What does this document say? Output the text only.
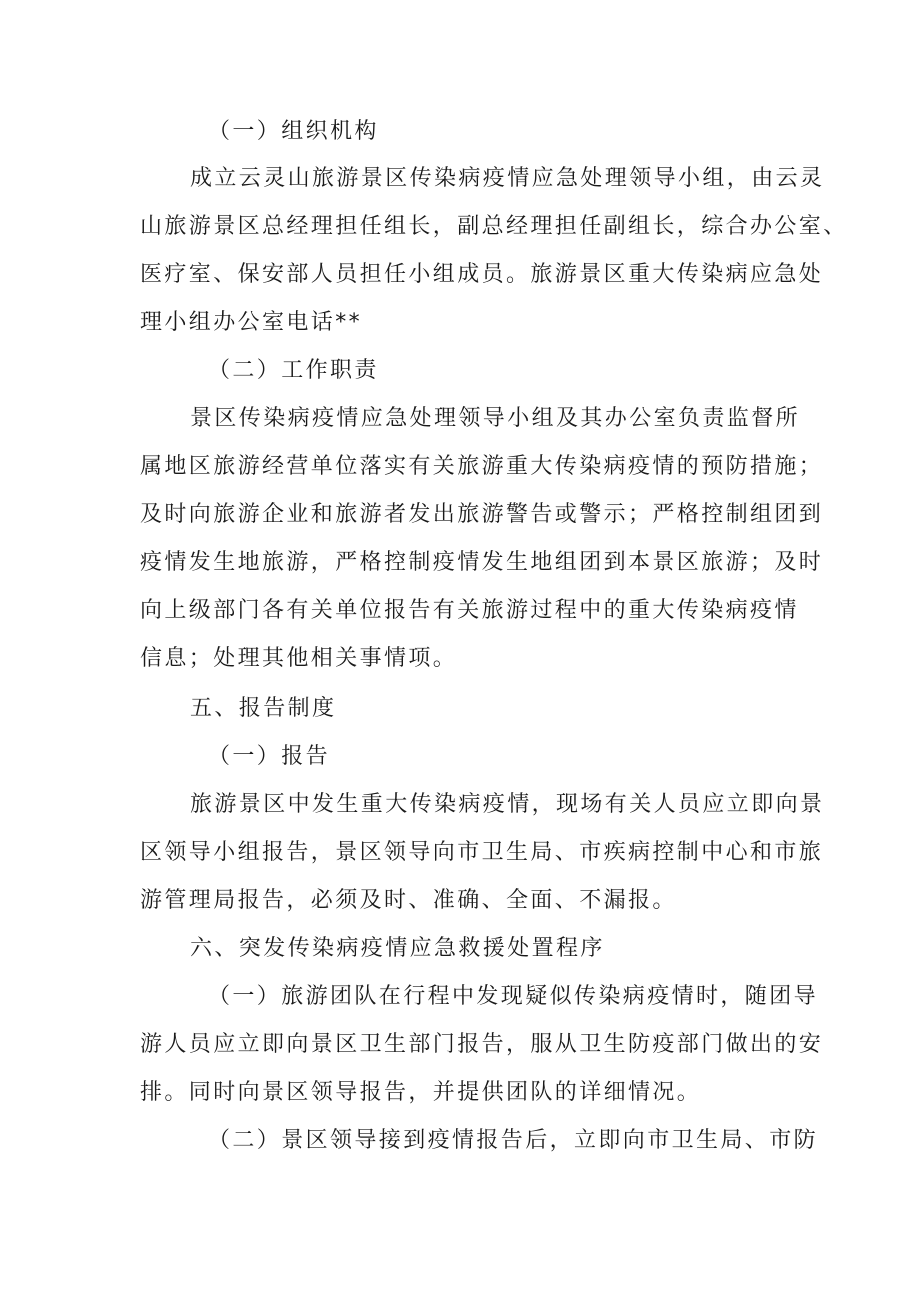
（一）组织机构
成立云灵山旅游景区传染病疫情应急处理领导小组，由云灵
山旅游景区总经理担任组长，副总经理担任副组长，综合办公室、
医疗室、保安部人员担任小组成员。旅游景区重大传染病应急处
理小组办公室电话**
（二）工作职责
景区传染病疫情应急处理领导小组及其办公室负责监督所
属地区旅游经营单位落实有关旅游重大传染病疫情的预防措施；
及时向旅游企业和旅游者发出旅游警告或警示；严格控制组团到
疫情发生地旅游，严格控制疫情发生地组团到本景区旅游；及时
向上级部门各有关单位报告有关旅游过程中的重大传染病疫情
信息；处理其他相关事情项。
五、报告制度
（一）报告
旅游景区中发生重大传染病疫情，现场有关人员应立即向景
区领导小组报告，景区领导向市卫生局、市疾病控制中心和市旅
游管理局报告，必须及时、准确、全面、不漏报。
六、突发传染病疫情应急救援处置程序
（一）旅游团队在行程中发现疑似传染病疫情时，随团导
游人员应立即向景区卫生部门报告，服从卫生防疫部门做出的安
排。同时向景区领导报告，并提供团队的详细情况。
（二）景区领导接到疫情报告后，立即向市卫生局、市防
